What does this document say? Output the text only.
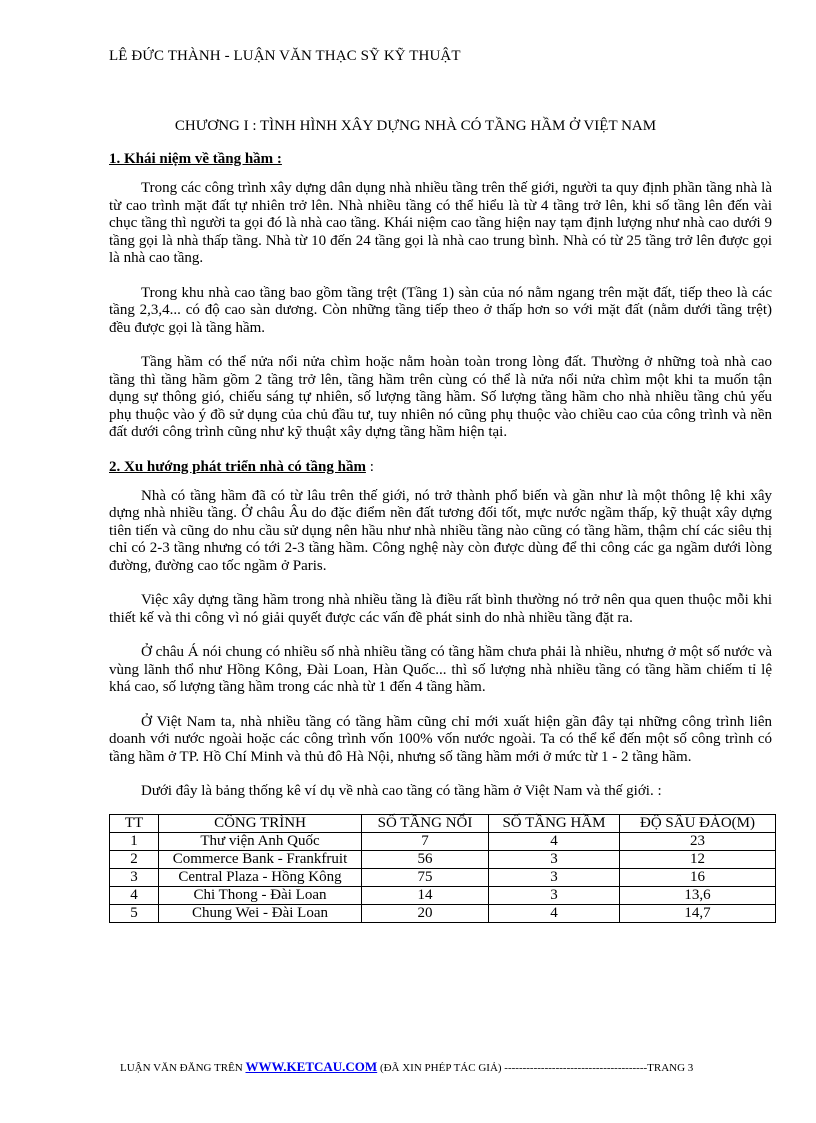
LÊ ĐỨC THÀNH - LUẬN VĂN THẠC SỸ KỸ THUẬT
CHƯƠNG I : TÌNH HÌNH XÂY DỰNG NHÀ CÓ TẦNG HẦM Ở VIỆT NAM
1. Khái niệm về tầng hầm :

Trong các công trình xây dựng dân dụng nhà nhiều tầng trên thế giới, người ta quy định phần tầng nhà là từ cao trình mặt đất tự nhiên trở lên. Nhà nhiều tầng có thể hiểu là từ 4 tầng trở lên, khi số tầng lên đến vài chục tầng thì người ta gọi đó là nhà cao tầng. Khái niệm cao tầng hiện nay tạm định lượng như nhà cao dưới 9 tầng gọi là nhà thấp tầng. Nhà từ 10 đến 24 tầng gọi là nhà cao trung bình. Nhà có từ 25 tầng trở lên được gọi là nhà cao tầng.

Trong khu nhà cao tầng bao gồm tầng trệt (Tầng 1) sàn của nó nằm ngang trên mặt đất, tiếp theo là các tầng 2,3,4... có độ cao sàn dương. Còn những tầng tiếp theo ở thấp hơn so với mặt đất (nằm dưới tầng trệt) đều được gọi là tầng hầm.

Tầng hầm có thể nửa nổi nửa chìm hoặc nằm hoàn toàn trong lòng đất. Thường ở những toà nhà cao tầng thì tầng hầm gồm 2 tầng trở lên, tầng hầm trên cùng có thể là nửa nổi nửa chìm một khi ta muốn tận dụng sự thông gió, chiếu sáng tự nhiên, số lượng tầng hầm. Số lượng tầng hầm cho nhà nhiều tầng chủ yếu phụ thuộc vào ý đồ sử dụng của chủ đầu tư, tuy nhiên nó cũng phụ thuộc vào chiều cao của công trình và nền đất dưới công trình cũng như kỹ thuật xây dựng tầng hầm hiện tại.

2. Xu hướng phát triển nhà có tầng hầm :

Nhà có tầng hầm đã có từ lâu trên thế giới, nó trở thành phổ biến và gần như là một thông lệ khi xây dựng nhà nhiều tầng. Ở châu Âu do đặc điểm nền đất tương đối tốt, mực nước ngầm thấp, kỹ thuật xây dựng tiên tiến và cũng do nhu cầu sử dụng nên hầu như nhà nhiều tầng nào cũng có tầng hầm, thậm chí các siêu thị chỉ có 2-3 tầng nhưng có tới 2-3 tầng hầm. Công nghệ này còn được dùng để thi công các ga ngầm dưới lòng đường, đường cao tốc ngầm ở Paris.

Việc xây dựng tầng hầm trong nhà nhiều tầng là điều rất bình thường nó trở nên qua quen thuộc mỗi khi thiết kế và thi công vì nó giải quyết được các vấn đề phát sinh do nhà nhiều tầng đặt ra.

Ở châu Á nói chung có nhiều số nhà nhiều tầng có tầng hầm chưa phải là nhiều, nhưng ở một số nước và vùng lãnh thổ như Hồng Kông, Đài Loan, Hàn Quốc... thì số lượng nhà nhiều tầng có tầng hầm chiếm tỉ lệ khá cao, số lượng tầng hầm trong các nhà từ 1 đến 4 tầng hầm.

Ở Việt Nam ta, nhà nhiều tầng có tầng hầm cũng chỉ mới xuất hiện gần đây tại những công trình liên doanh với nước ngoài hoặc các công trình vốn 100% vốn nước ngoài. Ta có thể kể đến một số công trình có tầng hầm ở TP. Hồ Chí Minh và thủ đô Hà Nội, nhưng số tầng hầm mới ở mức từ 1 - 2 tầng hầm.

Dưới đây là bảng thống kê ví dụ về nhà cao tầng có tầng hầm ở Việt Nam và thế giới. :

TT	CÔNG TRÌNH	SỐ TẦNG NỔI	SỐ TẦNG HẦM	ĐỘ SÂU ĐÀO(M)
1	Thư viện Anh Quốc	7	4	23
2	Commerce Bank - Frankfruit	56	3	12
3	Central Plaza - Hồng Kông	75	3	16
4	Chi Thong - Đài Loan	14	3	13,6
5	Chung Wei - Đài Loan	20	4	14,7
LUẬN VĂN ĐĂNG TRÊN WWW.KETCAU.COM (ĐÃ XIN PHÉP TÁC GIẢ) ---------------------------------------TRANG 3
